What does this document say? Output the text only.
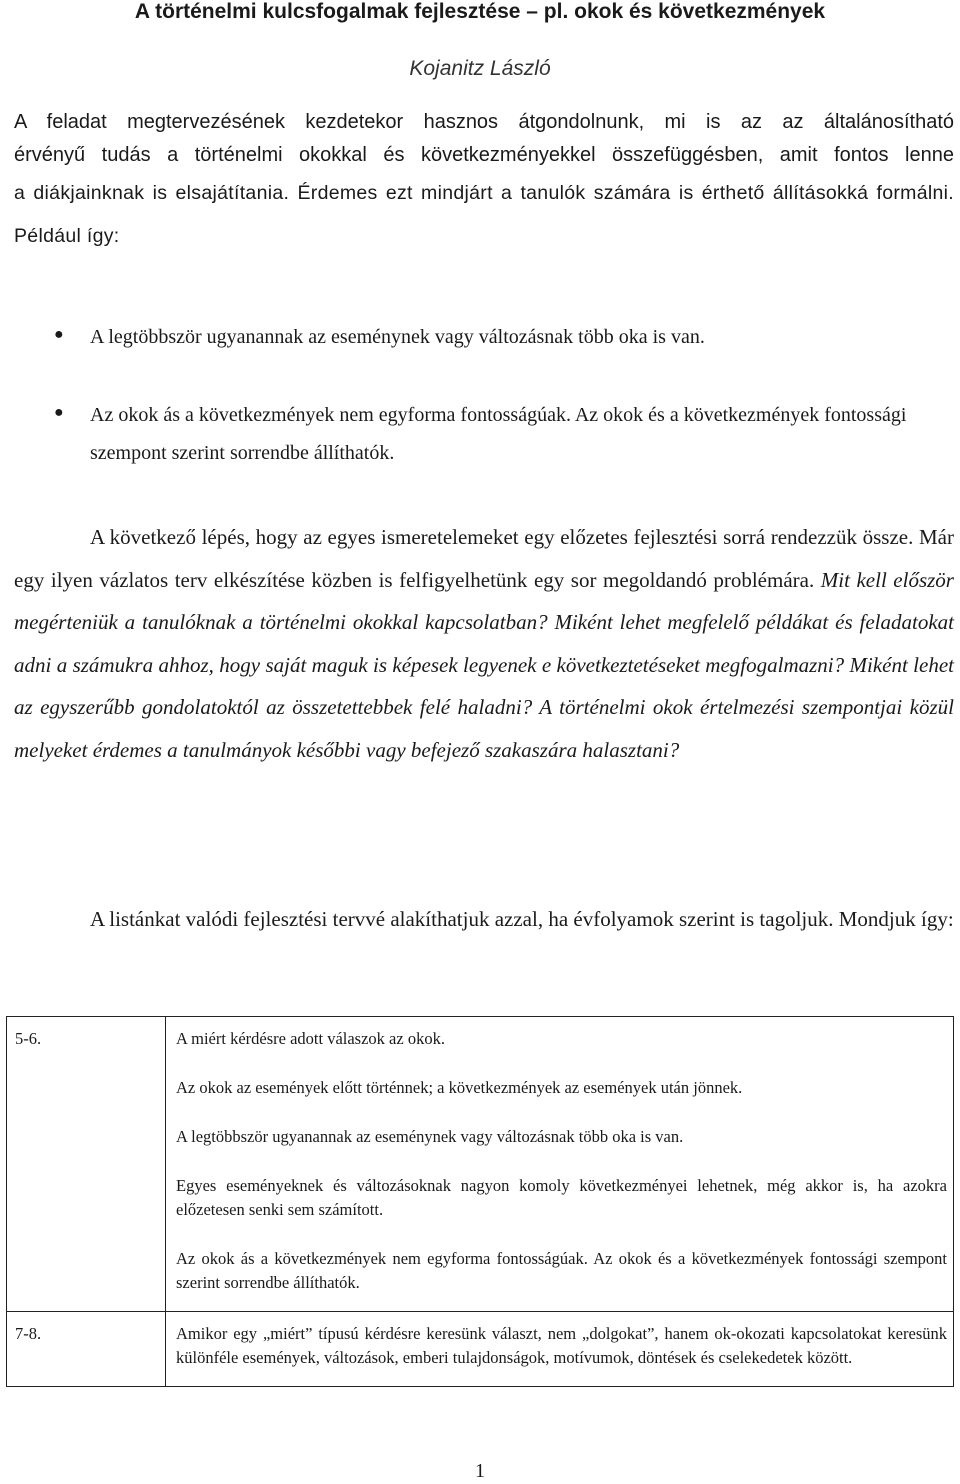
A történelmi kulcsfogalmak fejlesztése – pl. okok és következmények
Kojanitz László
A feladat megtervezésének kezdetekor hasznos átgondolnunk, mi is az az általánosítható
érvényű tudás a történelmi okokkal és következményekkel összefüggésben, amit fontos lenne
a diákjainknak is elsajátítania. Érdemes ezt mindjárt a tanulók számára is érthető állításokká formálni. Például így:
● A legtöbbször ugyanannak az eseménynek vagy változásnak több oka is van.
● Az okok ás a következmények nem egyforma fontosságúak. Az okok és a következmények fontossági szempont szerint sorrendbe állíthatók.
A következő lépés, hogy az egyes ismeretelemeket egy előzetes fejlesztési sorrá rendezzük össze. Már egy ilyen vázlatos terv elkészítése közben is felfigyelhetünk egy sor megoldandó problémára. Mit kell először megérteniük a tanulóknak a történelmi okokkal kapcsolatban? Miként lehet megfelelő példákat és feladatokat adni a számukra ahhoz, hogy saját maguk is képesek legyenek e következtetéseket megfogalmazni? Miként lehet az egyszerűbb gondolatoktól az összetettebbek felé haladni? A történelmi okok értelmezési szempontjai közül melyeket érdemes a tanulmányok későbbi vagy befejező szakaszára halasztani?
A listánkat valódi fejlesztési tervvé alakíthatjuk azzal, ha évfolyamok szerint is tagoljuk. Mondjuk így:
5-6.	A miért kérdésre adott válaszok az okok.

Az okok az események előtt történnek; a következmények az események után jönnek.

A legtöbbször ugyanannak az eseménynek vagy változásnak több oka is van.

Egyes eseményeknek és változásoknak nagyon komoly következményei lehetnek, még akkor is, ha azokra előzetesen senki sem számított.

Az okok ás a következmények nem egyforma fontosságúak. Az okok és a következmények fontossági szempont szerint sorrendbe állíthatók.

7-8.	Amikor egy „miért” típusú kérdésre keresünk választ, nem „dolgokat”, hanem ok-okozati kapcsolatokat keresünk különféle események, változások, emberi tulajdonságok, motívumok, döntések és cselekedetek között.

1
